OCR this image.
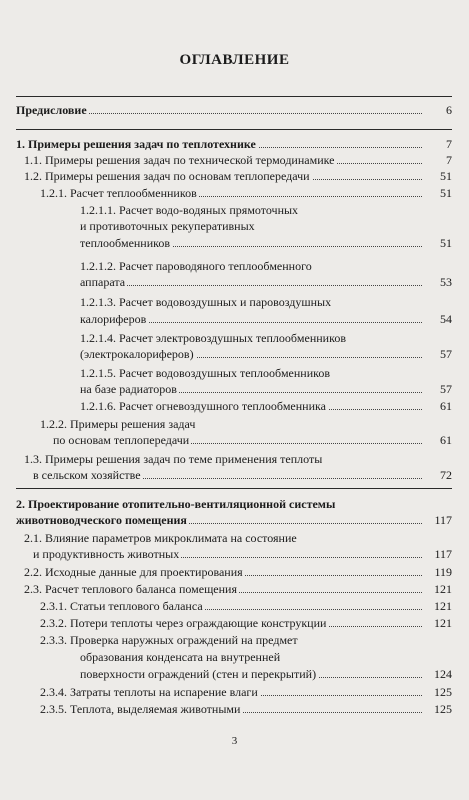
ОГЛАВЛЕНИЕ
Предисловие	6
1. Примеры решения задач по теплотехнике	7
1.1. Примеры решения задач по технической термодинамике	7
1.2. Примеры решения задач по основам теплопередачи	51
1.2.1. Расчет теплообменников	51
1.2.1.1. Расчет водо-водяных прямоточных
и противоточных рекуперативных
теплообменников	51
1.2.1.2. Расчет пароводяного теплообменного
аппарата	53
1.2.1.3. Расчет водовоздушных и паровоздушных
калориферов	54
1.2.1.4. Расчет электровоздушных теплообменников
(электрокалориферов)	57
1.2.1.5. Расчет водовоздушных теплообменников
на базе радиаторов	57
1.2.1.6. Расчет огневоздушного теплообменника	61
1.2.2. Примеры решения задач
по основам теплопередачи	61
1.3. Примеры решения задач по теме применения теплоты
в сельском хозяйстве	72
2. Проектирование отопительно-вентиляционной системы
животноводческого помещения	117
2.1. Влияние параметров микроклимата на состояние
и продуктивность животных	117
2.2. Исходные данные для проектирования	119
2.3. Расчет теплового баланса помещения	121
2.3.1. Статьи теплового баланса	121
2.3.2. Потери теплоты через ограждающие конструкции	121
2.3.3. Проверка наружных ограждений на предмет
образования конденсата на внутренней
поверхности ограждений (стен и перекрытий)	124
2.3.4. Затраты теплоты на испарение влаги	125
2.3.5. Теплота, выделяемая животными	125
3
